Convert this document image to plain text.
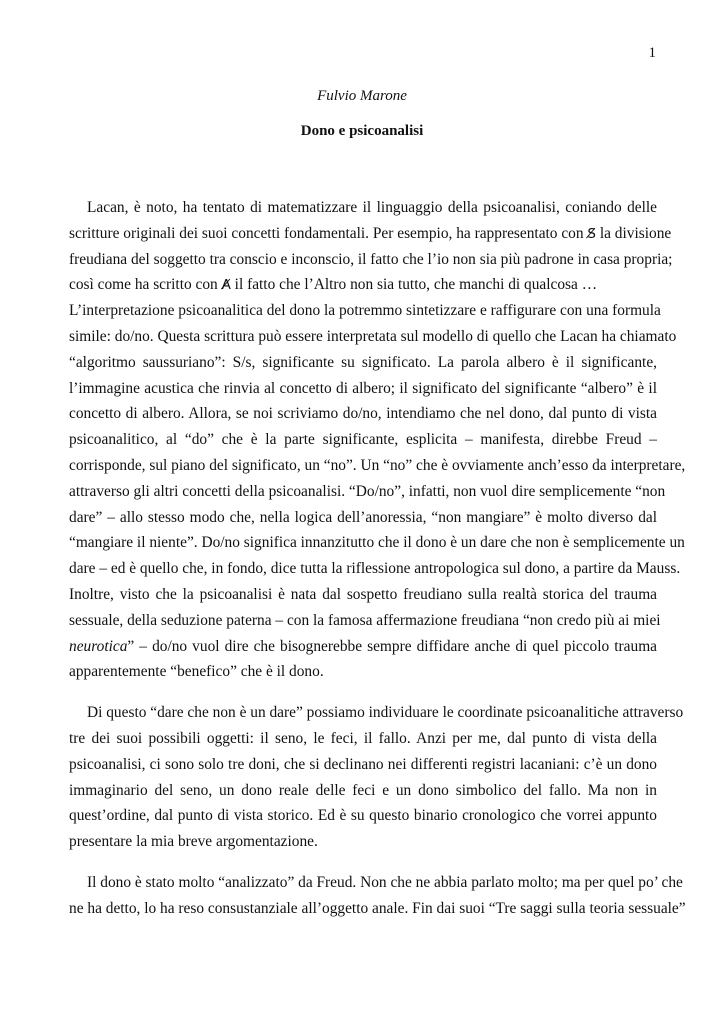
1
Fulvio Marone
Dono e psicoanalisi
Lacan, è noto, ha tentato di matematizzare il linguaggio della psicoanalisi, coniando delle
scritture originali dei suoi concetti fondamentali. Per esempio, ha rappresentato con S̸ la divisione
freudiana del soggetto tra conscio e inconscio, il fatto che l’io non sia più padrone in casa propria;
così come ha scritto con A̸ il fatto che l’Altro non sia tutto, che manchi di qualcosa …
L’interpretazione psicoanalitica del dono la potremmo sintetizzare e raffigurare con una formula
simile: do/no. Questa scrittura può essere interpretata sul modello di quello che Lacan ha chiamato
“algoritmo saussuriano”: S/s, significante su significato. La parola albero è il significante,
l’immagine acustica che rinvia al concetto di albero; il significato del significante “albero” è il
concetto di albero. Allora, se noi scriviamo do/no, intendiamo che nel dono, dal punto di vista
psicoanalitico, al “do” che è la parte significante, esplicita – manifesta, direbbe Freud –
corrisponde, sul piano del significato, un “no”. Un “no” che è ovviamente anch’esso da interpretare,
attraverso gli altri concetti della psicoanalisi. “Do/no”, infatti, non vuol dire semplicemente “non
dare” – allo stesso modo che, nella logica dell’anoressia, “non mangiare” è molto diverso dal
“mangiare il niente”. Do/no significa innanzitutto che il dono è un dare che non è semplicemente un
dare – ed è quello che, in fondo, dice tutta la riflessione antropologica sul dono, a partire da Mauss.
Inoltre, visto che la psicoanalisi è nata dal sospetto freudiano sulla realtà storica del trauma
sessuale, della seduzione paterna – con la famosa affermazione freudiana “non credo più ai miei
neurotica” – do/no vuol dire che bisognerebbe sempre diffidare anche di quel piccolo trauma
apparentemente “benefico” che è il dono.
Di questo “dare che non è un dare” possiamo individuare le coordinate psicoanalitiche attraverso
tre dei suoi possibili oggetti: il seno, le feci, il fallo. Anzi per me, dal punto di vista della
psicoanalisi, ci sono solo tre doni, che si declinano nei differenti registri lacaniani: c’è un dono
immaginario del seno, un dono reale delle feci e un dono simbolico del fallo. Ma non in
quest’ordine, dal punto di vista storico. Ed è su questo binario cronologico che vorrei appunto
presentare la mia breve argomentazione.
Il dono è stato molto “analizzato” da Freud. Non che ne abbia parlato molto; ma per quel po’ che
ne ha detto, lo ha reso consustanziale all’oggetto anale. Fin dai suoi “Tre saggi sulla teoria sessuale”
